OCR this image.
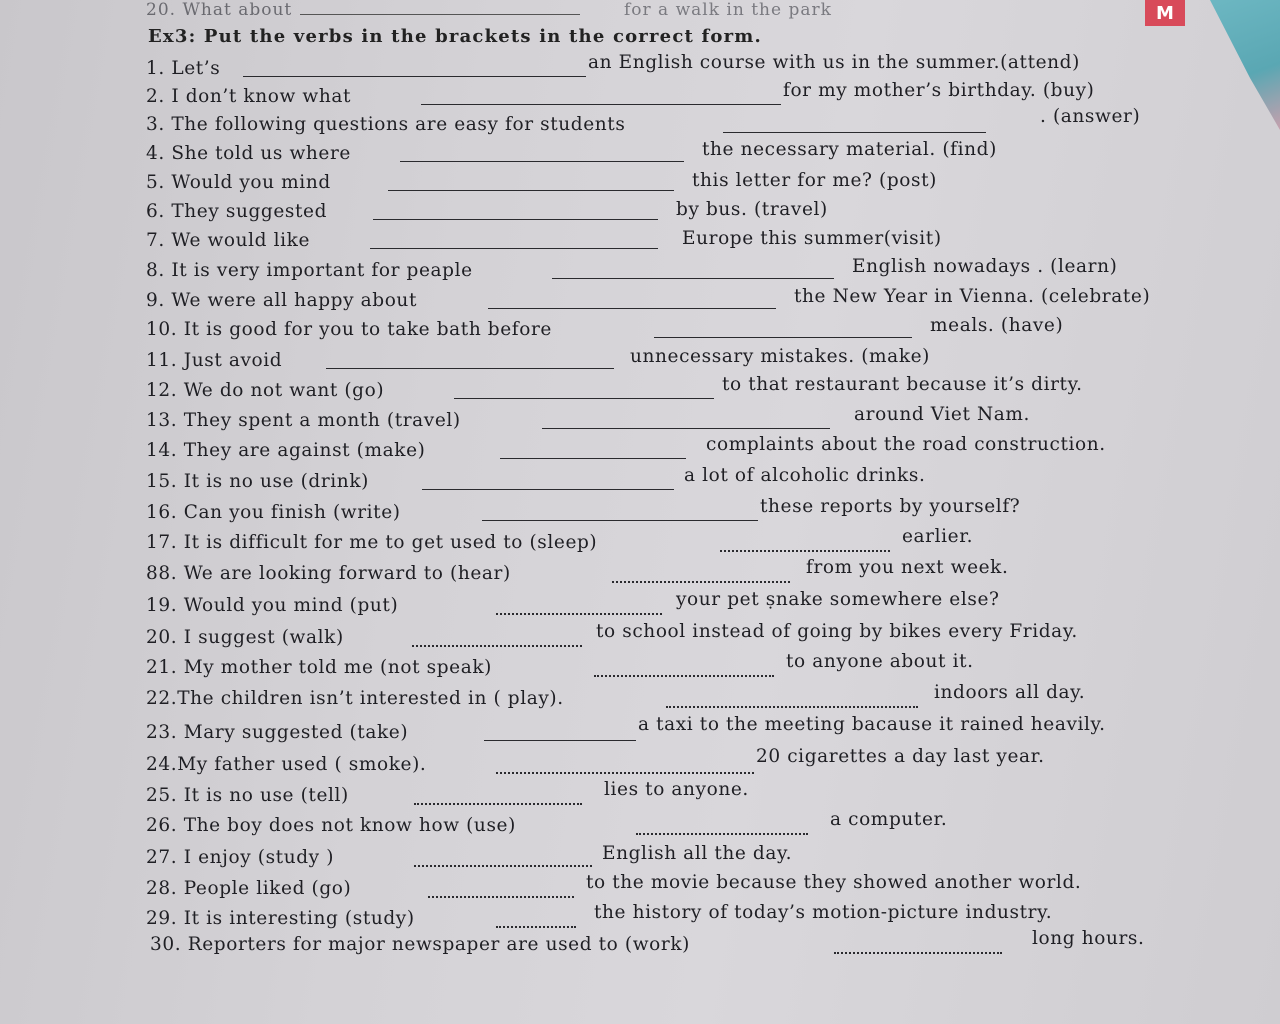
M
20. What about	for a walk in the park
Ex3: Put the verbs in the brackets in the correct form.
1. Let’s	an English course with us in the summer.(attend)
2. I don’t know what	for my mother’s birthday. (buy)
3. The following questions are easy for students	. (answer)
4. She told us where	the necessary material. (find)
5. Would you mind	this letter for me? (post)
6. They suggested	by bus. (travel)
7. We would like	Europe this summer(visit)
8. It is very important for peaple	English nowadays . (learn)
9. We were all happy about	the New Year in Vienna. (celebrate)
10. It is good for you to take bath before	meals. (have)
11. Just avoid	unnecessary mistakes. (make)
12. We do not want (go)	to that restaurant because it’s dirty.
13. They spent a month (travel)	around Viet Nam.
14. They are against (make)	complaints about the road construction.
15. It is no use (drink)	a lot of alcoholic drinks.
16. Can you finish (write)	these reports by yourself?
17. It is difficult for me to get used to (sleep)	earlier.
88. We are looking forward to (hear)	from you next week.
19. Would you mind (put)	your pet ṣnake somewhere else?
20. I suggest (walk)	to school instead of going by bikes every Friday.
21. My mother told me (not speak)	to anyone about it.
22.The children isn’t interested in ( play).	indoors all day.
23. Mary suggested (take)	a taxi to the meeting bacause it rained heavily.
24.My father used ( smoke).	20 cigarettes a day last year.
25. It is no use (tell)	lies to anyone.
26. The boy does not know how (use)	a computer.
27. I enjoy (study )	English all the day.
28. People liked (go)	to the movie because they showed another world.
29. It is interesting (study)	the history of today’s motion-picture industry.
30. Reporters for major newspaper are used to (work)	long hours.
